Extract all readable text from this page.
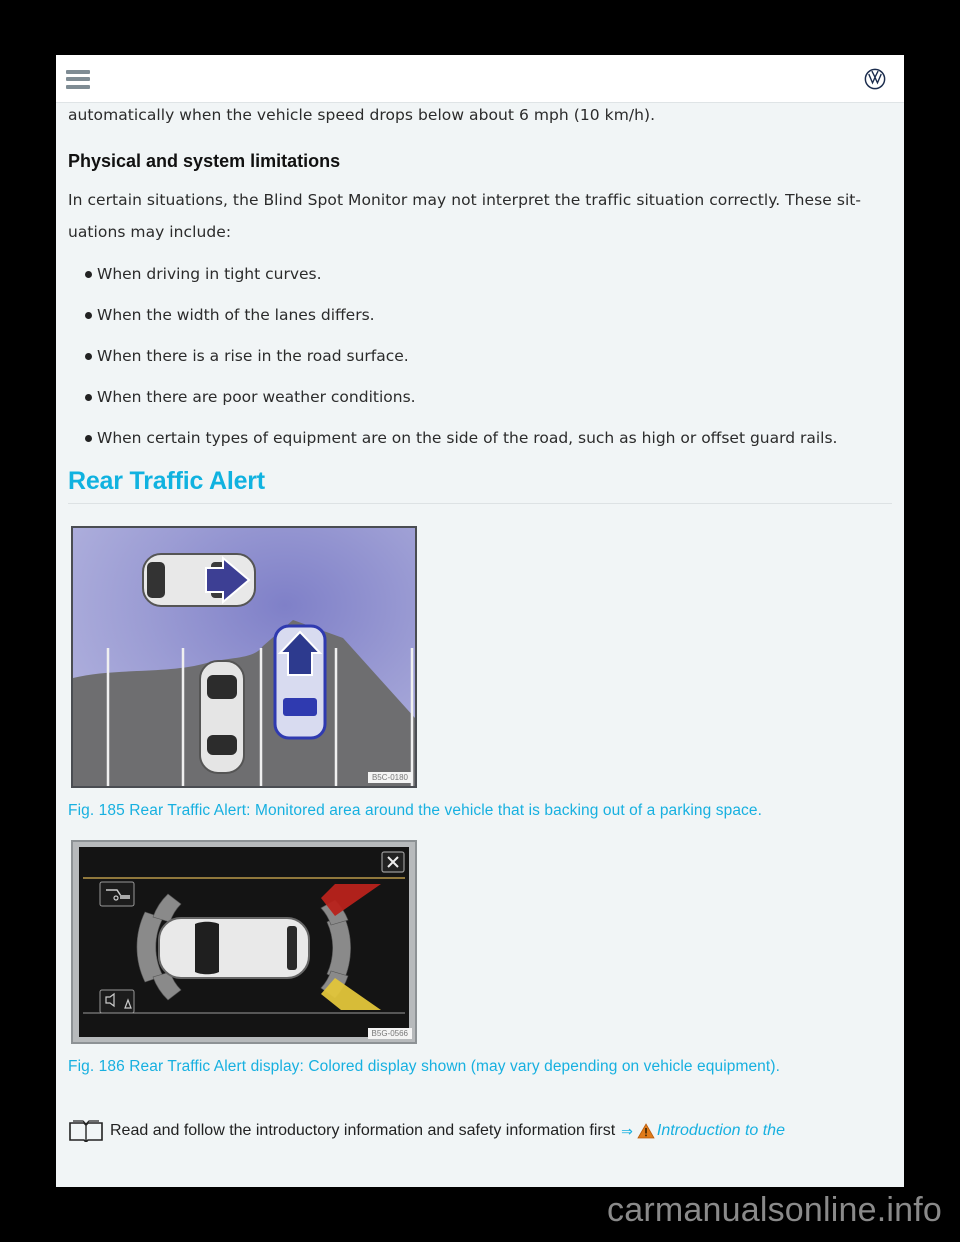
automatically when the vehicle speed drops below about 6 mph (10 km/h).

Physical and system limitations

In certain situations, the Blind Spot Monitor may not interpret the traffic situation correctly. These sit-uations may include:

When driving in tight curves.
When the width of the lanes differs.
When there is a rise in the road surface.
When there are poor weather conditions.
When certain types of equipment are on the side of the road, such as high or offset guard rails.
Rear Traffic Alert
B5C-0180

Fig. 185 Rear Traffic Alert: Monitored area around the vehicle that is backing out of a parking space.

B5G-0566

Fig. 186 Rear Traffic Alert display: Colored display shown (may vary depending on vehicle equipment).

Read and follow the introductory information and safety information first ⇒ Introduction to the
carmanualsonline.info
